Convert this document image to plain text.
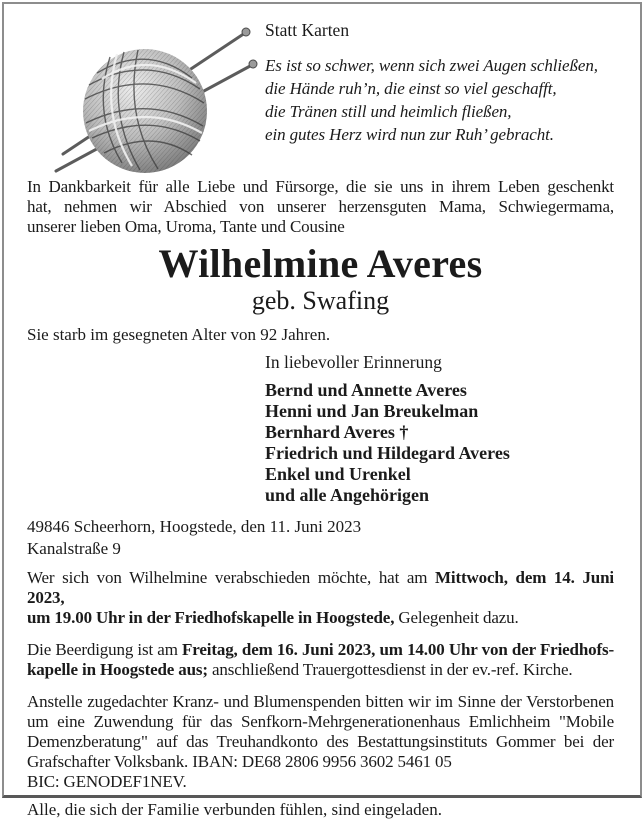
Statt Karten
Es ist so schwer, wenn sich zwei Augen schließen,
die Hände ruh’n, die einst so viel geschafft,
die Tränen still und heimlich fließen,
ein gutes Herz wird nun zur Ruh’ gebracht.
In Dankbarkeit für alle Liebe und Fürsorge, die sie uns in ihrem Leben geschenkt
hat, nehmen wir Abschied von unserer herzensguten Mama, Schwiegermama,
unserer lieben Oma, Uroma, Tante und Cousine
Wilhelmine Averes
geb. Swafing
Sie starb im gesegneten Alter von 92 Jahren.
In liebevoller Erinnerung
Bernd und Annette Averes
Henni und Jan Breukelman
Bernhard Averes †
Friedrich und Hildegard Averes
Enkel und Urenkel
und alle Angehörigen
49846 Scheerhorn, Hoogstede, den 11. Juni 2023
Kanalstraße 9
Wer sich von Wilhelmine verabschieden möchte, hat am Mittwoch, dem 14. Juni 2023,
um 19.00 Uhr in der Friedhofskapelle in Hoogstede, Gelegenheit dazu.
Die Beerdigung ist am Freitag, dem 16. Juni 2023, um 14.00 Uhr von der Friedhofs-
kapelle in Hoogstede aus; anschließend Trauergottesdienst in der ev.-ref. Kirche.
Anstelle zugedachter Kranz- und Blumenspenden bitten wir im Sinne der Verstorbenen
um eine Zuwendung für das Senfkorn-Mehrgenerationenhaus Emlichheim "Mobile
Demenzberatung" auf das Treuhandkonto des Bestattungsinstituts Gommer bei der
Grafschafter Volksbank. IBAN: DE68 2806 9956 3602 5461 05
BIC: GENODEF1NEV.
Alle, die sich der Familie verbunden fühlen, sind eingeladen.
